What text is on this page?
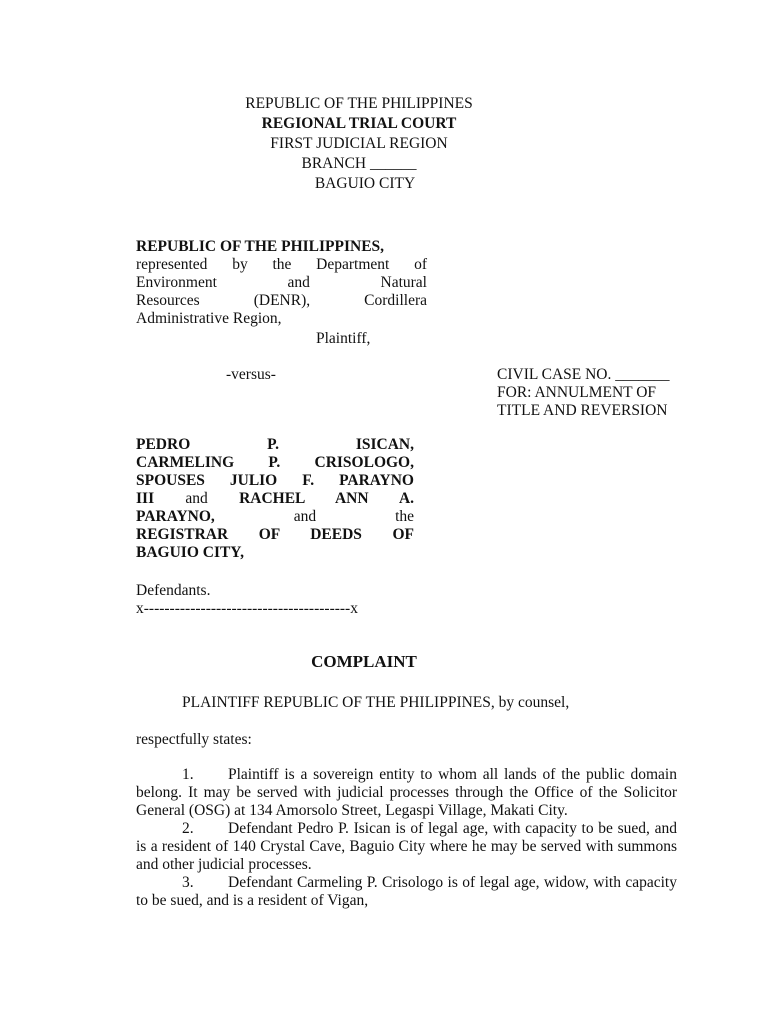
REPUBLIC OF THE PHILIPPINES
REGIONAL TRIAL COURT
FIRST JUDICIAL REGION
BRANCH ______
BAGUIO CITY
REPUBLIC OF THE PHILIPPINES,
represented by the Department of
Environment and Natural
Resources (DENR), Cordillera
Administrative Region,
Plaintiff,
-versus-	CIVIL CASE NO. _______
FOR: ANNULMENT OF
TITLE AND REVERSION
PEDRO P. ISICAN,
CARMELING P. CRISOLOGO,
SPOUSES JULIO F. PARAYNO
III and RACHEL ANN A.
PARAYNO,	and	the
REGISTRAR OF DEEDS OF
BAGUIO CITY,
Defendants.
x----------------------------------------x
COMPLAINT
PLAINTIFF REPUBLIC OF THE PHILIPPINES, by counsel,
respectfully states:
1. Plaintiff is a sovereign entity to whom all lands of the public domain belong. It may be served with judicial processes through the Office of the Solicitor General (OSG) at 134 Amorsolo Street, Legaspi Village, Makati City.
2. Defendant Pedro P. Isican is of legal age, with capacity to be sued, and is a resident of 140 Crystal Cave, Baguio City where he may be served with summons and other judicial processes.
3. Defendant Carmeling P. Crisologo is of legal age, widow, with capacity to be sued, and is a resident of Vigan,
